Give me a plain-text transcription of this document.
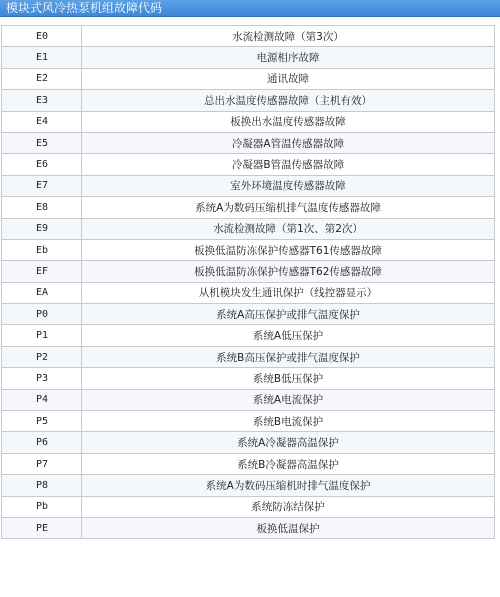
模块式风冷热泵机组故障代码
E0	水流检测故障（第3次）
E1	电源相序故障
E2	通讯故障
E3	总出水温度传感器故障（主机有效）
E4	板换出水温度传感器故障
E5	冷凝器A管温传感器故障
E6	冷凝器B管温传感器故障
E7	室外环境温度传感器故障
E8	系统A为数码压缩机排气温度传感器故障
E9	水流检测故障（第1次、第2次）
Eb	板换低温防冻保护传感器T61传感器故障
EF	板换低温防冻保护传感器T62传感器故障
EA	从机模块发生通讯保护（线控器显示）
P0	系统A高压保护或排气温度保护
P1	系统A低压保护
P2	系统B高压保护或排气温度保护
P3	系统B低压保护
P4	系统A电流保护
P5	系统B电流保护
P6	系统A冷凝器高温保护
P7	系统B冷凝器高温保护
P8	系统A为数码压缩机时排气温度保护
Pb	系统防冻结保护
PE	板换低温保护
